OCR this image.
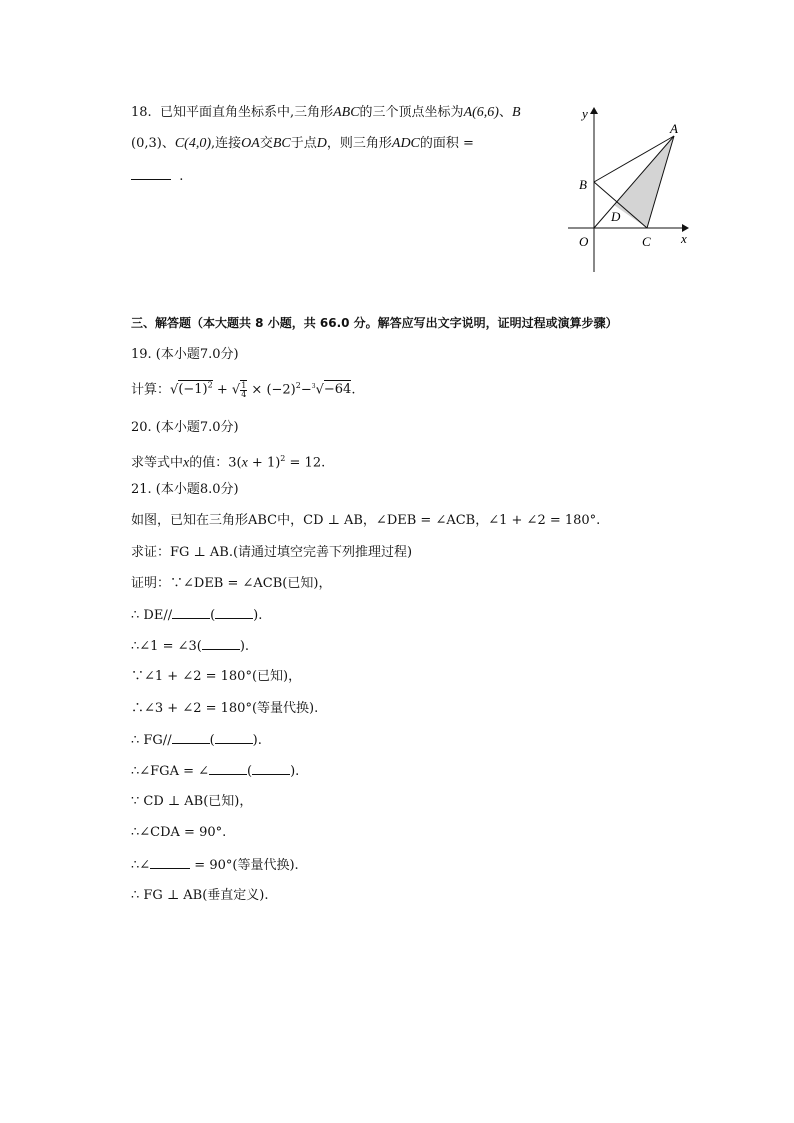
18. 已知平面直角坐标系中,三角形ABC的三个顶点坐标为A(6,6)、B
(0,3)、C(4,0),连接OA交BC于点D，则三角形ADC的面积 =
.
y
x
A
B
C
D
O
三、解答题（本大题共 8 小题，共 66.0 分。解答应写出文字说明，证明过程或演算步骤）
19. (本小题7.0分)
计算：$√(-1)^2$ + √ $\frac{1}{4} \times (-2)^2-^3√-64$.
20. (本小题7.0分)
求等式中x的值：$3(x + 1)^2 = 12$.
21. (本小题8.0分)
如图，已知在三角形ABC中，CD ⊥ AB，∠DEB = ∠ACB，∠1 + ∠2 = 180°.
求证：FG ⊥ AB.(请通过填空完善下列推理过程)
证明：∵∠DEB = ∠ACB(已知)，
∴ DE//	(	).
∴∠1 = ∠3(	).
∵∠1 + ∠2 = 180°(已知)，
∴∠3 + ∠2 = 180°(等量代换).
∴ FG//	(	).
∴∠FGA = ∠	(	).
∵ CD ⊥ AB(已知)，
∴∠CDA = 90°.
∴∠	= 90°(等量代换).
∴ FG ⊥ AB(垂直定义).
